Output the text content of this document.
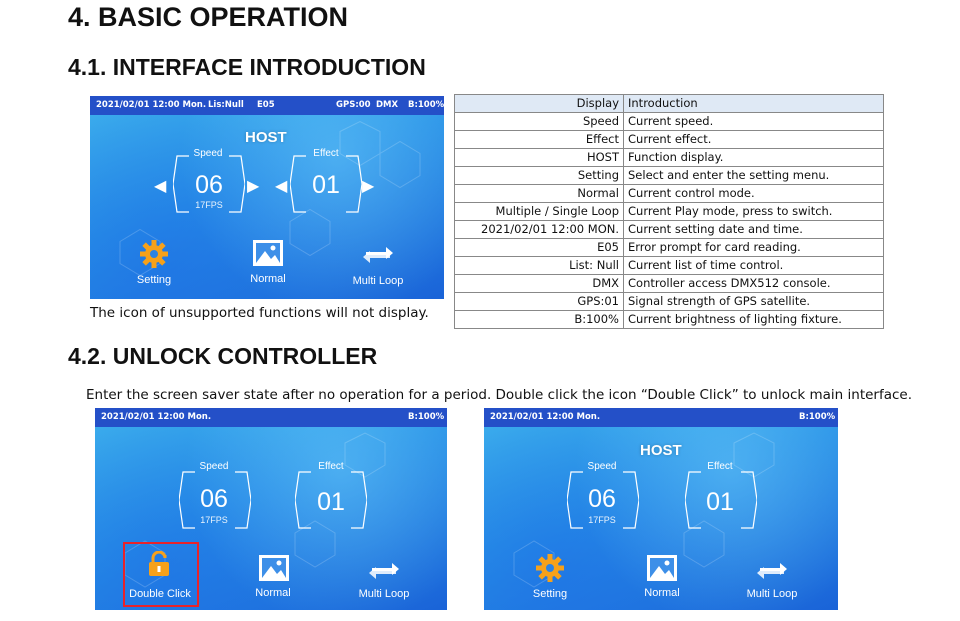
4. BASIC OPERATION
4.1. INTERFACE INTRODUCTION
2021/02/01 12:00 Mon. Lis:Null E05	GPS:00 DMX B:100%
HOST
Speed
06
17FPS
◀	▶
Effect
01
◀	▶
Setting	Normal	Multi Loop
The icon of unsupported functions will not display.
Display	Introduction
Speed	Current speed.
Effect	Current effect.
HOST	Function display.
Setting	Select and enter the setting menu.
Normal	Current control mode.
Multiple / Single Loop	Current Play mode, press to switch.
2021/02/01 12:00 MON.	Current setting date and time.
E05	Error prompt for card reading.
List: Null	Current list of time control.
DMX	Controller access DMX512 console.
GPS:01	Signal strength of GPS satellite.
B:100%	Current brightness of lighting fixture.
4.2. UNLOCK CONTROLLER
Enter the screen saver state after no operation for a period. Double click the icon “Double Click” to unlock main interface.
2021/02/01 12:00 Mon.	B:100%
Speed
06
17FPS
Effect
01
Double Click	Normal	Multi Loop
2021/02/01 12:00 Mon.	B:100%
HOST
Speed
06
17FPS
Effect
01
Setting	Normal	Multi Loop
